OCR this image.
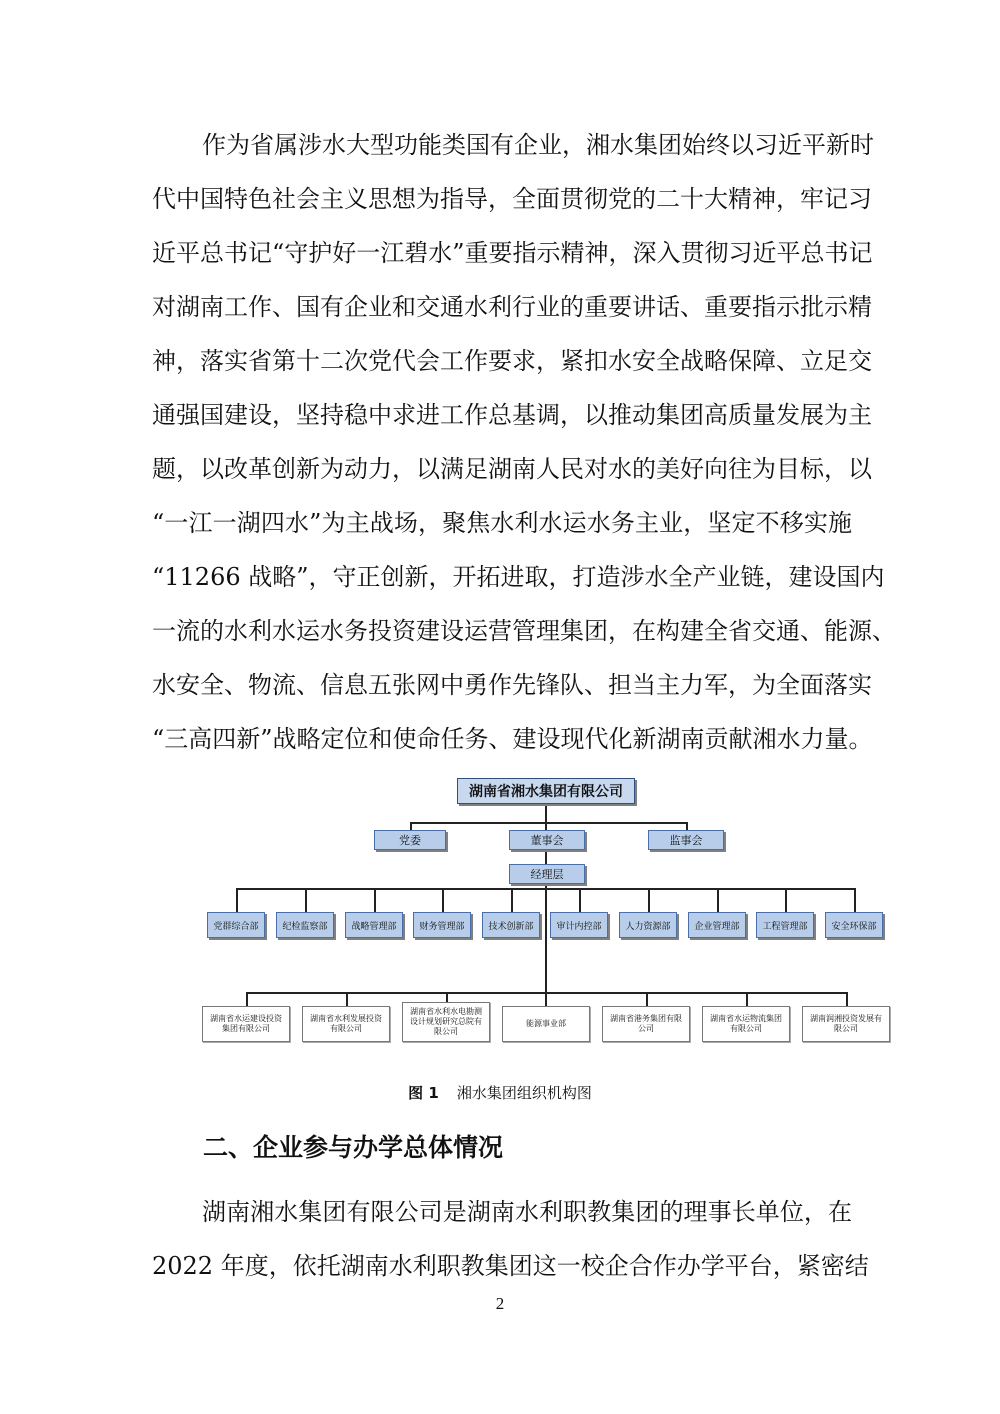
作为省属涉水大型功能类国有企业，湘水集团始终以习近平新时
代中国特色社会主义思想为指导，全面贯彻党的二十大精神，牢记习
近平总书记“守护好一江碧水”重要指示精神，深入贯彻习近平总书记
对湖南工作、国有企业和交通水利行业的重要讲话、重要指示批示精
神，落实省第十二次党代会工作要求，紧扣水安全战略保障、立足交
通强国建设，坚持稳中求进工作总基调，以推动集团高质量发展为主
题，以改革创新为动力，以满足湖南人民对水的美好向往为目标，以
“一江一湖四水”为主战场，聚焦水利水运水务主业，坚定不移实施
“11266 战略”，守正创新，开拓进取，打造涉水全产业链，建设国内
一流的水利水运水务投资建设运营管理集团，在构建全省交通、能源、
水安全、物流、信息五张网中勇作先锋队、担当主力军，为全面落实
“三高四新”战略定位和使命任务、建设现代化新湖南贡献湘水力量。
湖南省湘水集团有限公司
党委	董事会	监事会
经理层
党群综合部	纪检监察部	战略管理部	财务管理部	技术创新部	审计内控部	人力资源部	企业管理部	工程管理部	安全环保部
湖南省水运建设投资集团有限公司
湖南省水利发展投资有限公司
湖南省水利水电勘测设计规划研究总院有限公司
能源事业部
湖南省港务集团有限公司
湖南省水运物流集团有限公司
湖南润湘投资发展有限公司
图 1 湘水集团组织机构图
二、企业参与办学总体情况
湖南湘水集团有限公司是湖南水利职教集团的理事长单位，在
2022 年度，依托湖南水利职教集团这一校企合作办学平台，紧密结
2
